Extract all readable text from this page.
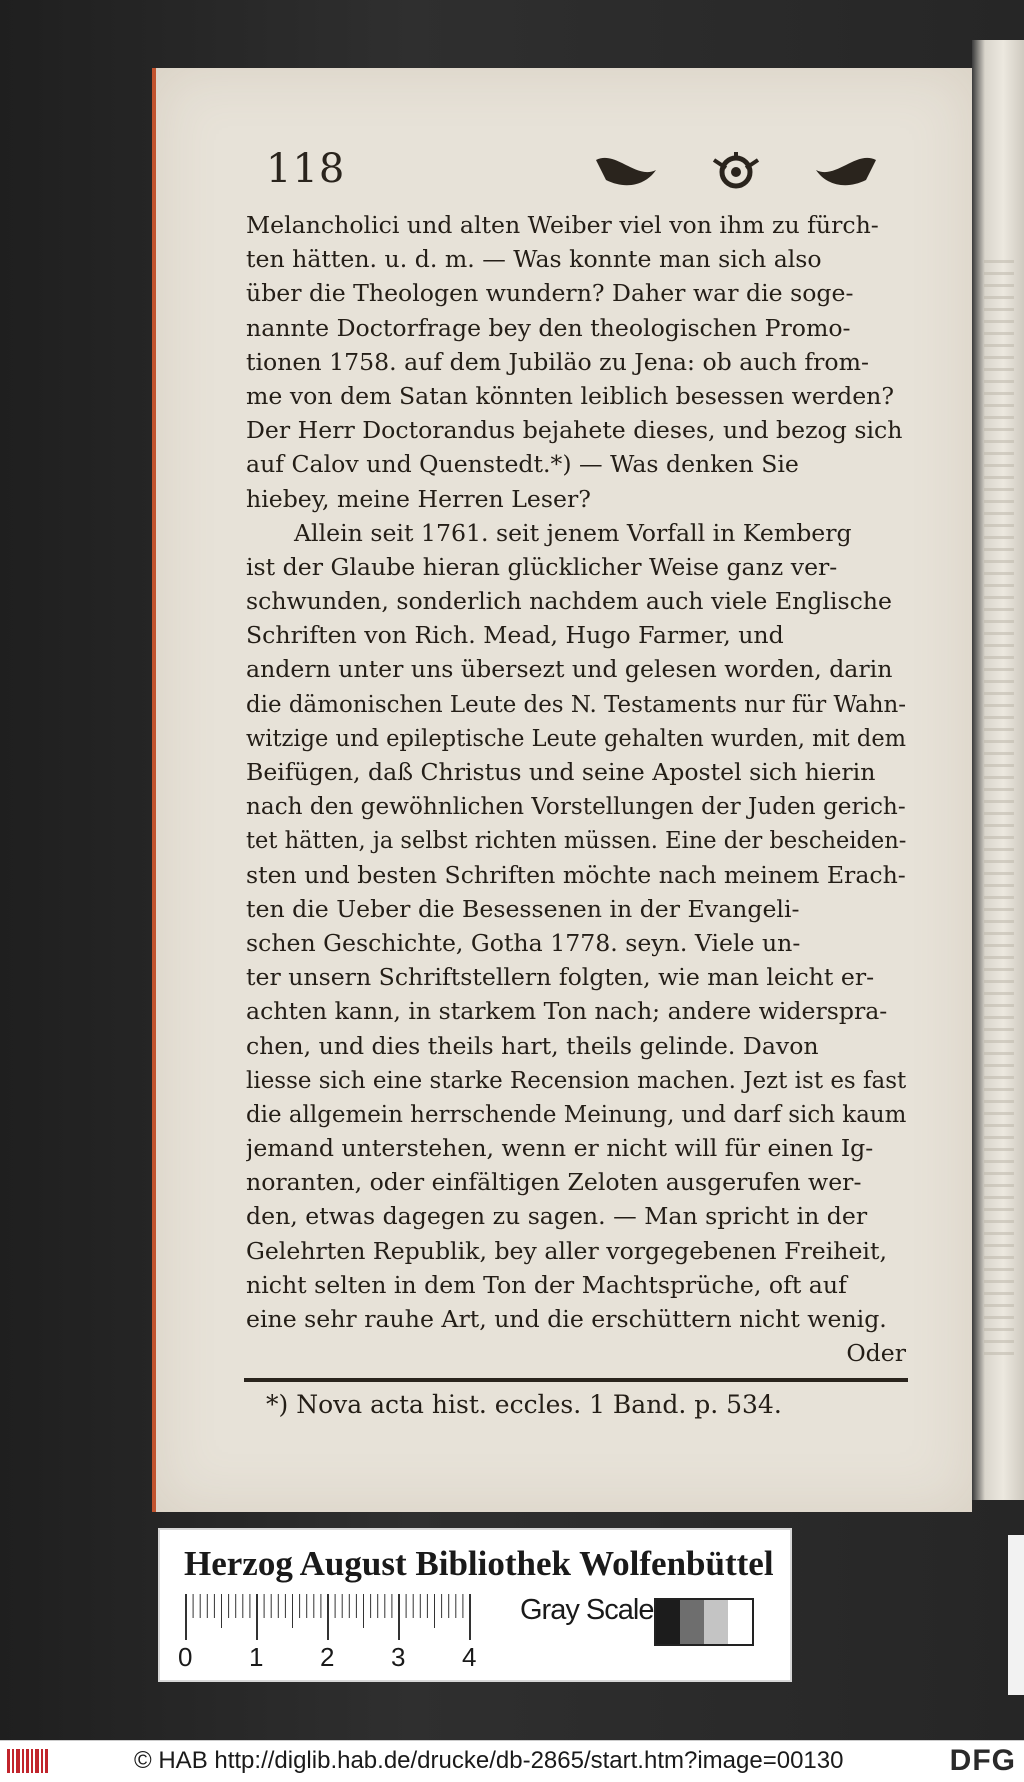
118
Melancholici und alten Weiber viel von ihm zu fürch-
ten hätten. u. d. m. — Was konnte man sich also
über die Theologen wundern? Daher war die soge-
nannte Doctorfrage bey den theologischen Promo-
tionen 1758. auf dem Jubiläo zu Jena: ob auch from-
me von dem Satan könnten leiblich besessen werden?
Der Herr Doctorandus bejahete dieses, und bezog sich
auf Calov und Quenstedt.*) — Was denken Sie
hiebey, meine Herren Leser?
Allein seit 1761. seit jenem Vorfall in Kemberg
ist der Glaube hieran glücklicher Weise ganz ver-
schwunden, sonderlich nachdem auch viele Englische
Schriften von Rich. Mead, Hugo Farmer, und
andern unter uns übersezt und gelesen worden, darin
die dämonischen Leute des N. Testaments nur für Wahn-
witzige und epileptische Leute gehalten wurden, mit dem
Beifügen, daß Christus und seine Apostel sich hierin
nach den gewöhnlichen Vorstellungen der Juden gerich-
tet hätten, ja selbst richten müssen. Eine der bescheiden-
sten und besten Schriften möchte nach meinem Erach-
ten die Ueber die Besessenen in der Evangeli-
schen Geschichte, Gotha 1778. seyn. Viele un-
ter unsern Schriftstellern folgten, wie man leicht er-
achten kann, in starkem Ton nach; andere widerspra-
chen, und dies theils hart, theils gelinde. Davon
liesse sich eine starke Recension machen. Jezt ist es fast
die allgemein herrschende Meinung, und darf sich kaum
jemand unterstehen, wenn er nicht will für einen Ig-
noranten, oder einfältigen Zeloten ausgerufen wer-
den, etwas dagegen zu sagen. — Man spricht in der
Gelehrten Republik, bey aller vorgegebenen Freiheit,
nicht selten in dem Ton der Machtsprüche, oft auf
eine sehr rauhe Art, und die erschüttern nicht wenig.
Oder
*) Nova acta hist. eccles. 1 Band. p. 534.
Herzog August Bibliothek Wolfenbüttel
0 1 2 3 4
Gray Scale
© HAB http://diglib.hab.de/drucke/db-2865/start.htm?image=00130	DFG
